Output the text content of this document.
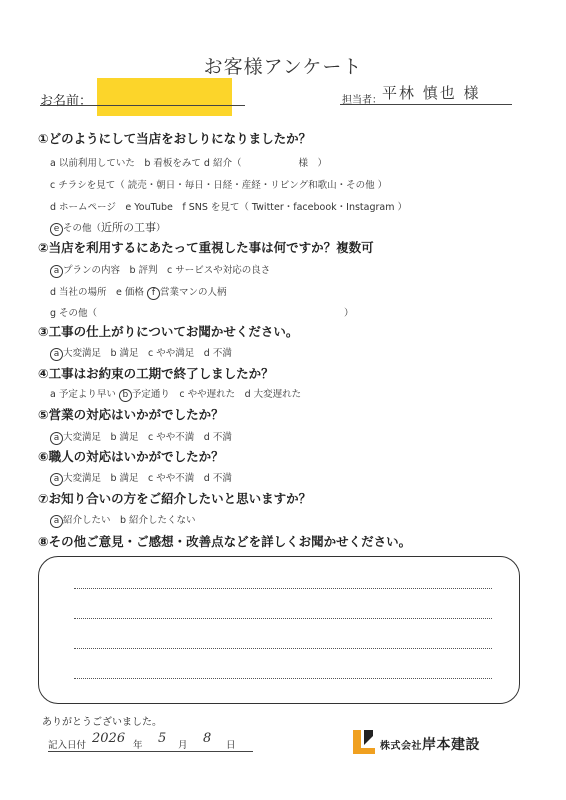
お客様アンケート
お名前：	担当者： 平林 慎也 様
①どのようにして当店をおしりになりましたか？
a 以前利用していた　b 看板をみて d 紹介（　　　　　　様　）
c チラシを見て（ 読売・朝日・毎日・日経・産経・リビング和歌山・その他 ）
d ホームページ　e YouTube　f SNS を見て（ Twitter・facebook・Instagram ）
e その他（近所の工事）
②当店を利用するにあたって重視した事は何ですか？複数可
a プランの内容　b 評判　c サービスや対応の良さ
d 当社の場所　e 価格 f 営業マンの人柄
g その他（　　　　　　　　　　　　　　　　　　　　　　　　　　）
③工事の仕上がりについてお聞かせください。
a 大変満足　b 満足　c やや満足　d 不満
④工事はお約束の工期で終了しましたか？
a 予定より早い b 予定通り　c やや遅れた　d 大変遅れた
⑤営業の対応はいかがでしたか？
a 大変満足　b 満足　c やや不満　d 不満
⑥職人の対応はいかがでしたか？
a 大変満足　b 満足　c やや不満　d 不満
⑦お知り合いの方をご紹介したいと思いますか？
a 紹介したい　b 紹介したくない
⑧その他ご意見・ご感想・改善点などを詳しくお聞かせください。
ありがとうございました。
記入日付 2026 年 5 月 8 日	株式会社岸本建設
